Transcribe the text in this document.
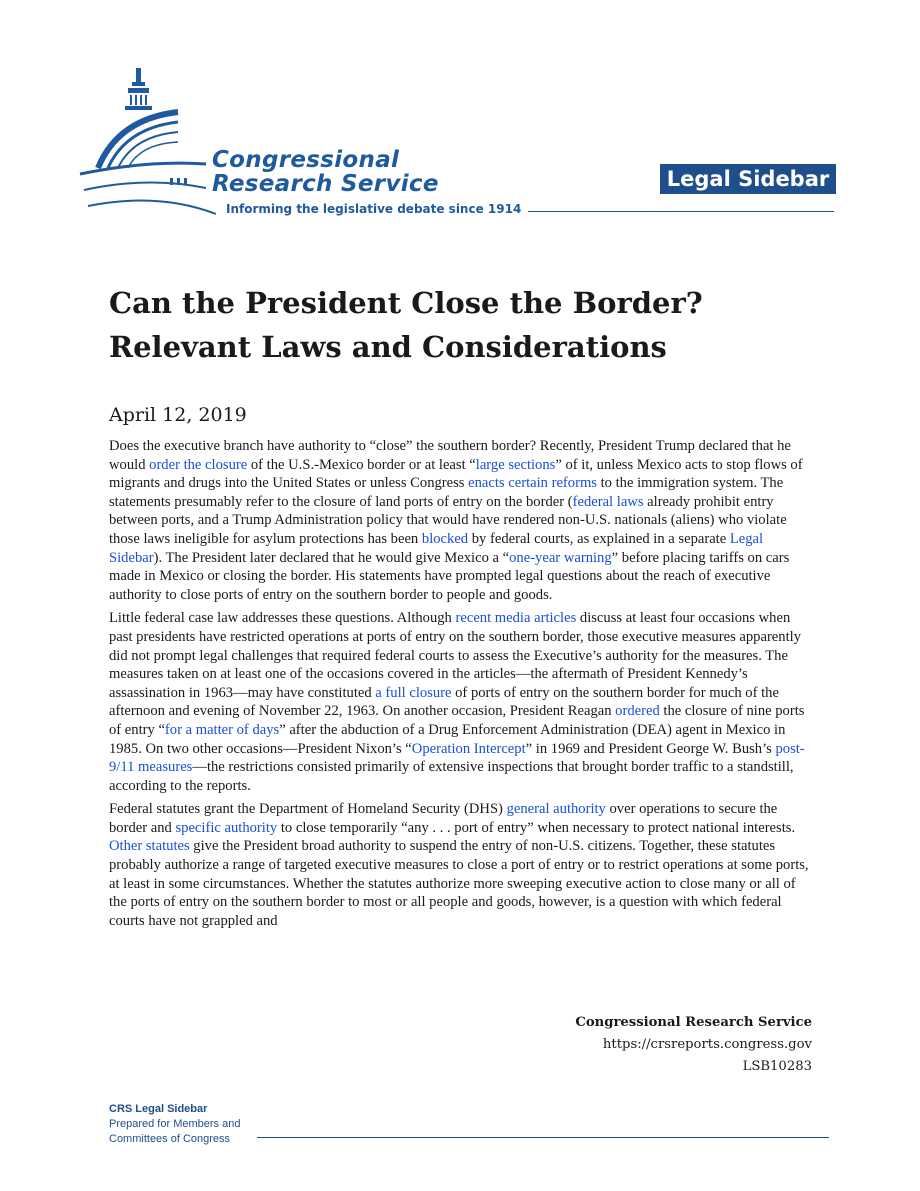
Congressional
Research Service
Informing the legislative debate since 1914
Legal Sidebar
Can the President Close the Border? Relevant Laws and Considerations

April 12, 2019

Does the executive branch have authority to “close” the southern border? Recently, President Trump declared that he would order the closure of the U.S.-Mexico border or at least “large sections” of it, unless Mexico acts to stop flows of migrants and drugs into the United States or unless Congress enacts certain reforms to the immigration system. The statements presumably refer to the closure of land ports of entry on the border (federal laws already prohibit entry between ports, and a Trump Administration policy that would have rendered non-U.S. nationals (aliens) who violate those laws ineligible for asylum protections has been blocked by federal courts, as explained in a separate Legal Sidebar). The President later declared that he would give Mexico a “one-year warning” before placing tariffs on cars made in Mexico or closing the border. His statements have prompted legal questions about the reach of executive authority to close ports of entry on the southern border to people and goods.

Little federal case law addresses these questions. Although recent media articles discuss at least four occasions when past presidents have restricted operations at ports of entry on the southern border, those executive measures apparently did not prompt legal challenges that required federal courts to assess the Executive’s authority for the measures. The measures taken on at least one of the occasions covered in the articles—the aftermath of President Kennedy’s assassination in 1963—may have constituted a full closure of ports of entry on the southern border for much of the afternoon and evening of November 22, 1963. On another occasion, President Reagan ordered the closure of nine ports of entry “for a matter of days” after the abduction of a Drug Enforcement Administration (DEA) agent in Mexico in 1985. On two other occasions—President Nixon’s “Operation Intercept” in 1969 and President George W. Bush’s post-9/11 measures—the restrictions consisted primarily of extensive inspections that brought border traffic to a standstill, according to the reports.

Federal statutes grant the Department of Homeland Security (DHS) general authority over operations to secure the border and specific authority to close temporarily “any . . . port of entry” when necessary to protect national interests. Other statutes give the President broad authority to suspend the entry of non-U.S. citizens. Together, these statutes probably authorize a range of targeted executive measures to close a port of entry or to restrict operations at some ports, at least in some circumstances. Whether the statutes authorize more sweeping executive action to close many or all of the ports of entry on the southern border to most or all people and goods, however, is a question with which federal courts have not grappled and

Congressional Research Service
https://crsreports.congress.gov
LSB10283
CRS Legal Sidebar
Prepared for Members and
Committees of Congress
